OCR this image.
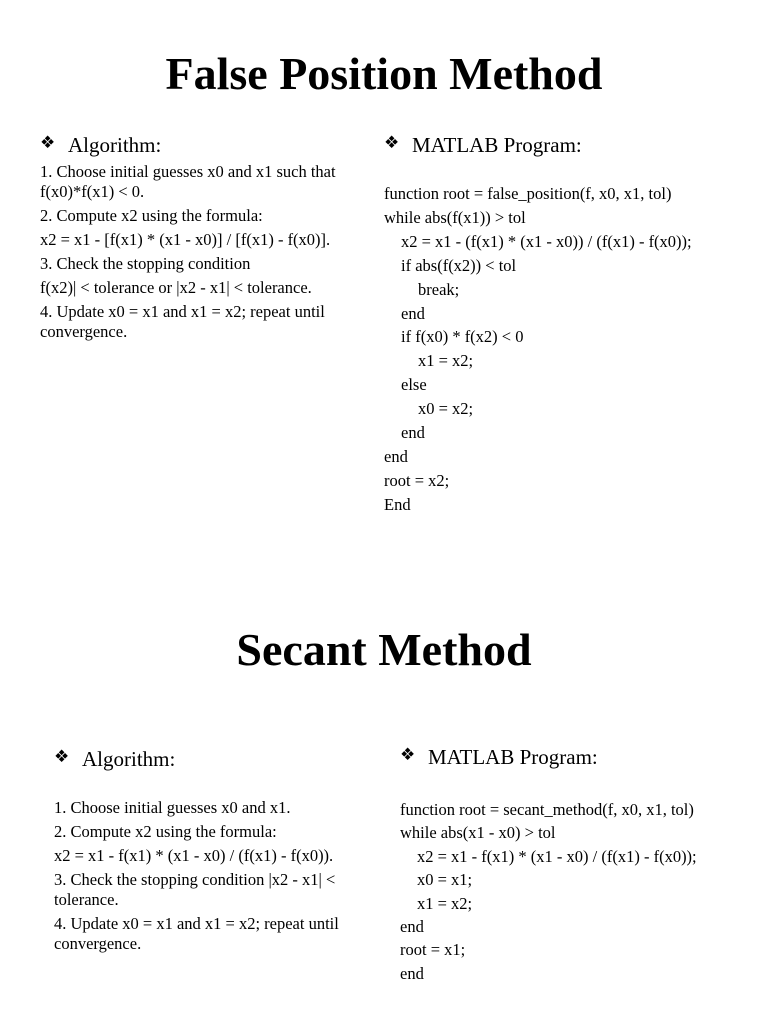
False Position Method
❖ Algorithm:
1. Choose initial guesses x0 and x1 such that f(x0)*f(x1) < 0.
2. Compute x2 using the formula:
x2 = x1 - [f(x1) * (x1 - x0)] / [f(x1) - f(x0)].
3. Check the stopping condition
f(x2)| < tolerance or |x2 - x1| < tolerance.
4. Update x0 = x1 and x1 = x2; repeat until convergence.
❖ MATLAB Program:
function root = false_position(f, x0, x1, tol)
while abs(f(x1)) > tol
x2 = x1 - (f(x1) * (x1 - x0)) / (f(x1) - f(x0));
if abs(f(x2)) < tol
break;
end
if f(x0) * f(x2) < 0
x1 = x2;
else
x0 = x2;
end
end
root = x2;
End
Secant Method
❖ Algorithm:
1. Choose initial guesses x0 and x1.
2. Compute x2 using the formula:
x2 = x1 - f(x1) * (x1 - x0) / (f(x1) - f(x0)).
3. Check the stopping condition |x2 - x1| < tolerance.
4. Update x0 = x1 and x1 = x2; repeat until convergence.
❖ MATLAB Program:
function root = secant_method(f, x0, x1, tol)
while abs(x1 - x0) > tol
x2 = x1 - f(x1) * (x1 - x0) / (f(x1) - f(x0));
x0 = x1;
x1 = x2;
end
root = x1;
end
